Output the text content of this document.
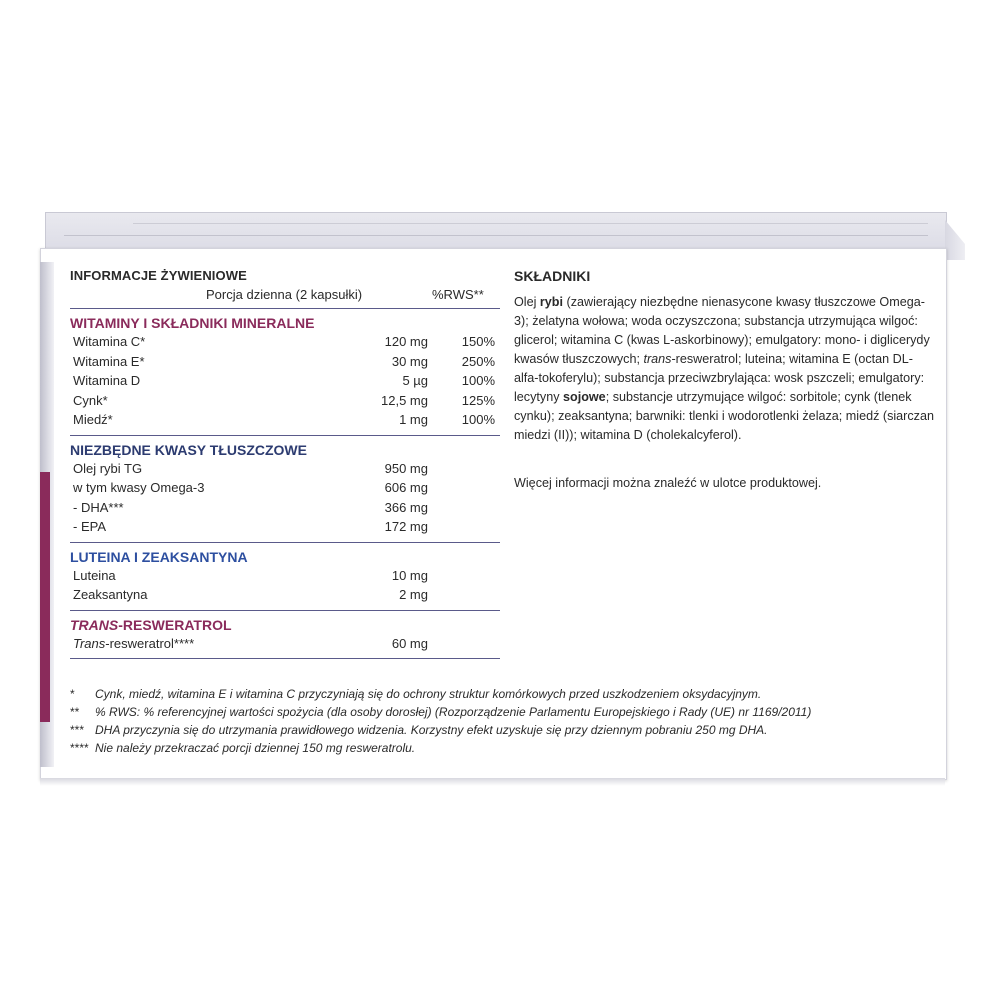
INFORMACJE ŻYWIENIOWE
Porcja dzienna (2 kapsułki)	%RWS**
WITAMINY I SKŁADNIKI MINERALNE
Witamina C*	120 mg	150%
Witamina E*	30 mg	250%
Witamina D	5 µg	100%
Cynk*	12,5 mg	125%
Miedź*	1 mg	100%
NIEZBĘDNE KWASY TŁUSZCZOWE
Olej rybi TG	950 mg
w tym kwasy Omega-3	606 mg
- DHA***	366 mg
- EPA	172 mg
LUTEINA I ZEAKSANTYNA
Luteina	10 mg
Zeaksantyna	2 mg
TRANS-RESWERATROL
Trans-resweratrol****	60 mg
SKŁADNIKI
Olej rybi (zawierający niezbędne nienasycone kwasy tłuszczowe Omega-3); żelatyna wołowa; woda oczyszczona; substancja utrzymująca wilgoć: glicerol; witamina C (kwas L-askorbinowy); emulgatory: mono- i diglicerydy kwasów tłuszczowych; trans-resweratrol; luteina; witamina E (octan DL-alfa-tokoferylu); substancja przeciwzbrylająca: wosk pszczeli; emulgatory: lecytyny sojowe; substancje utrzymujące wilgoć: sorbitole; cynk (tlenek cynku); zeaksantyna; barwniki: tlenki i wodorotlenki żelaza; miedź (siarczan miedzi (II)); witamina D (cholekalcyferol).
Więcej informacji można znaleźć w ulotce produktowej.
* Cynk, miedź, witamina E i witamina C przyczyniają się do ochrony struktur komórkowych przed uszkodzeniem oksydacyjnym.
** % RWS: % referencyjnej wartości spożycia (dla osoby dorosłej) (Rozporządzenie Parlamentu Europejskiego i Rady (UE) nr 1169/2011)
*** DHA przyczynia się do utrzymania prawidłowego widzenia. Korzystny efekt uzyskuje się przy dziennym pobraniu 250 mg DHA.
**** Nie należy przekraczać porcji dziennej 150 mg resweratrolu.
